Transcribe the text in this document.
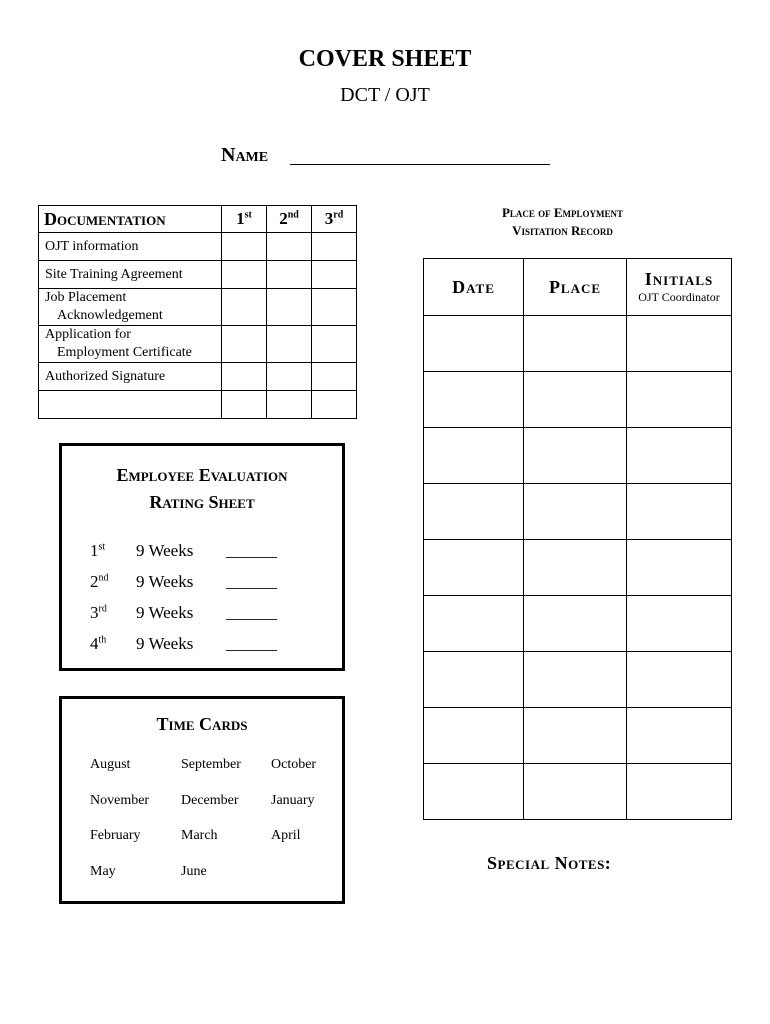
COVER SHEET
DCT / OJT
Name
Documentation	1st	2nd	3rd
OJT information			
Site Training Agreement			
Job Placement
Acknowledgement			
Application for
Employment Certificate			
Authorized Signature			

Employee Evaluation
Rating Sheet
1st 9 Weeks ______
2nd 9 Weeks ______
3rd 9 Weeks ______
4th 9 Weeks ______
Time Cards
August	September October
November December January
February	March	April
May	June
Place of Employment
Visitation Record
Date	Place	Initials
OJT Coordinator

Special Notes:
